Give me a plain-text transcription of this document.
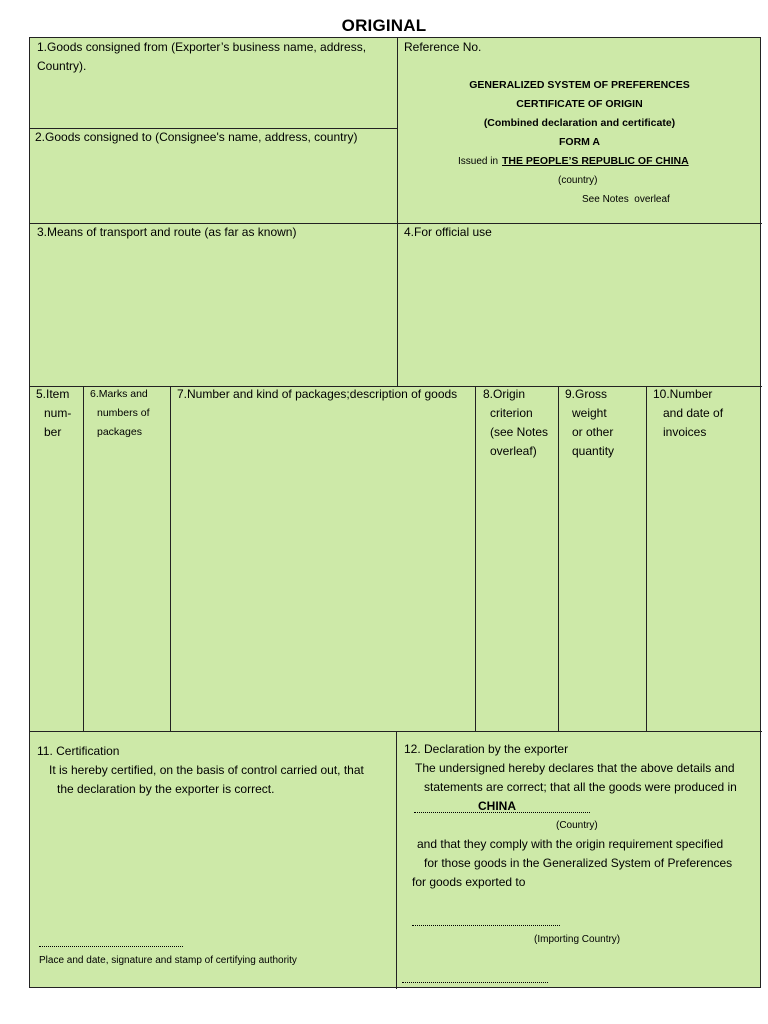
ORIGINAL
1.Goods consigned from (Exporter’s business name, address,
Country).
2.Goods consigned to (Consignee's name, address, country)
Reference No.
GENERALIZED SYSTEM OF PREFERENCES
CERTIFICATE OF ORIGIN
(Combined declaration and certificate)
FORM A
Issued in THE PEOPLE’S REPUBLIC OF CHINA
(country)
See Notes  overleaf
3.Means of transport and route (as far as known)	4.For official use
5.Item
num-
ber
6.Marks and
numbers of
packages
7.Number and kind of packages;description of goods 8.Origin
criterion
(see Notes
overleaf)
9.Gross
weight
or other
quantity
10.Number
and date of
invoices
11. Certification
It is hereby certified, on the basis of control carried out, that
the declaration by the exporter is correct.
Place and date, signature and stamp of certifying authority
12. Declaration by the exporter
The undersigned hereby declares that the above details and
statements are correct; that all the goods were produced in
CHINA
(Country)
and that they comply with the origin requirement specified
for those goods in the Generalized System of Preferences
for goods exported to
(Importing Country)
